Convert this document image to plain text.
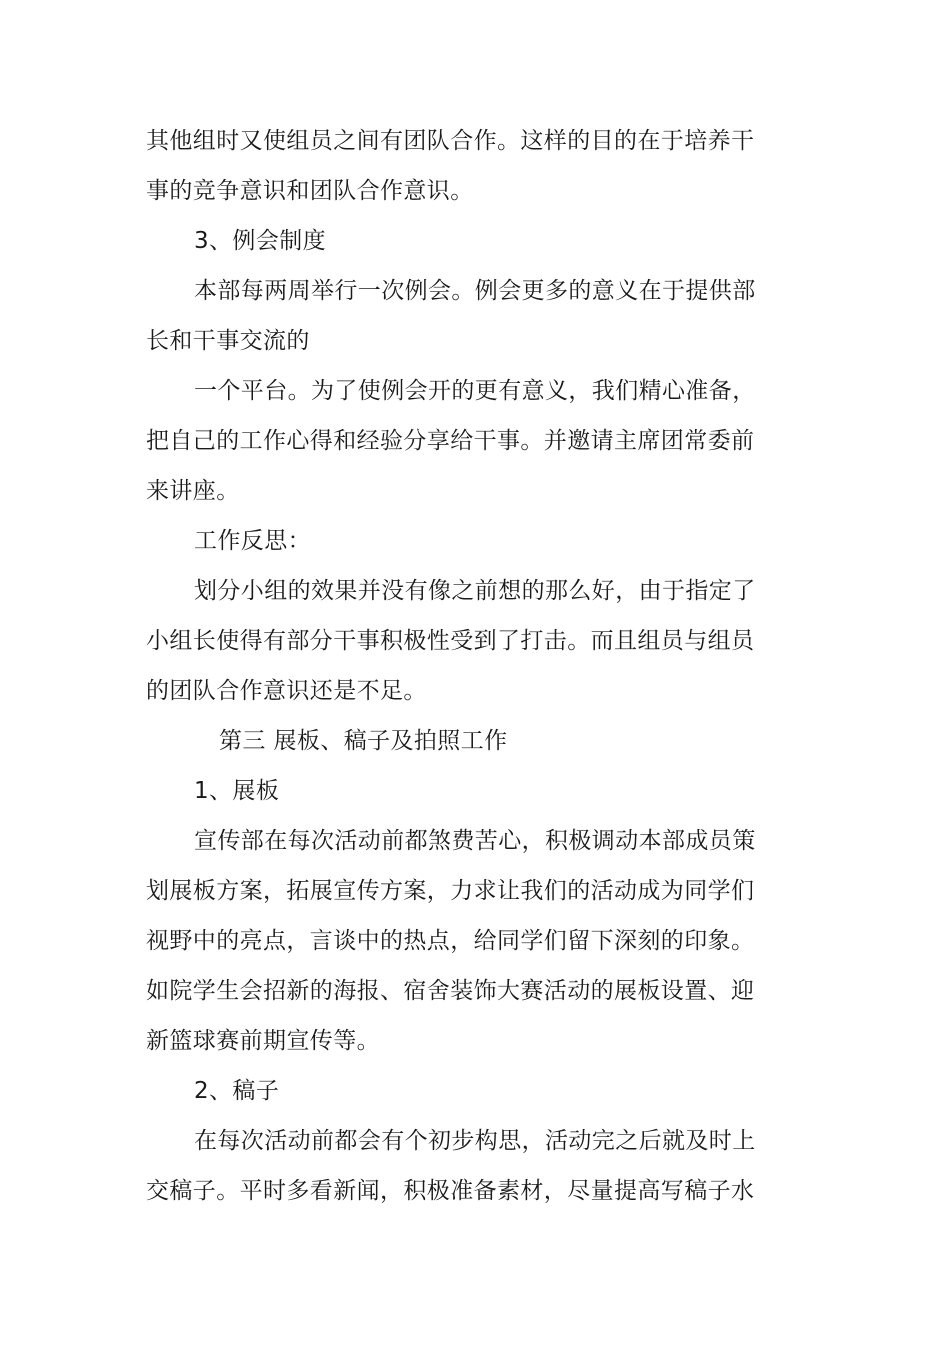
其他组时又使组员之间有团队合作。这样的目的在于培养干
事的竞争意识和团队合作意识。
3、例会制度
本部每两周举行一次例会。例会更多的意义在于提供部
长和干事交流的
一个平台。为了使例会开的更有意义，我们精心准备，
把自己的工作心得和经验分享给干事。并邀请主席团常委前
来讲座。
工作反思：
划分小组的效果并没有像之前想的那么好，由于指定了
小组长使得有部分干事积极性受到了打击。而且组员与组员
的团队合作意识还是不足。
第三 展板、稿子及拍照工作
1、展板
宣传部在每次活动前都煞费苦心，积极调动本部成员策
划展板方案，拓展宣传方案，力求让我们的活动成为同学们
视野中的亮点，言谈中的热点，给同学们留下深刻的印象。
如院学生会招新的海报、宿舍装饰大赛活动的展板设置、迎
新篮球赛前期宣传等。
2、稿子
在每次活动前都会有个初步构思，活动完之后就及时上
交稿子。平时多看新闻，积极准备素材，尽量提高写稿子水
